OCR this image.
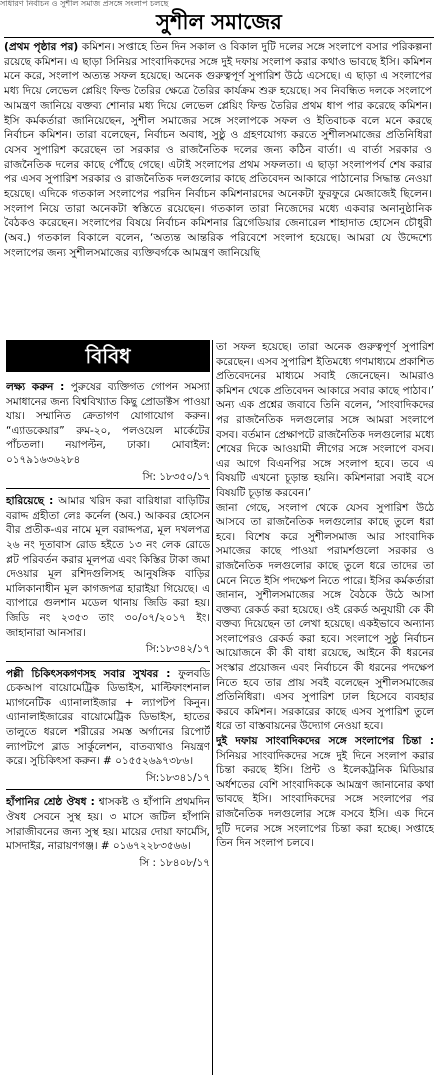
সাধারণ নির্বাচন ও সুশীল সমাজ প্রসঙ্গে সংলাপ চলছে
সুশীল সমাজের
(প্রথম পৃষ্ঠার পর) কমিশন। সপ্তাহে তিন দিন সকাল ও বিকাল দুটি দলের সঙ্গে সংলাপে বসার পরিকল্পনা রয়েছে কমিশন। এ ছাড়া সিনিয়র সাংবাদিকদের সঙ্গে দুই দফায় সংলাপ করার কথাও ভাবছে ইসি। কমিশন মনে করে, সংলাপ অত্যন্ত সফল হয়েছে। অনেক গুরুত্বপূর্ণ সুপারিশ উঠে এসেছে। এ ছাড়া এ সংলাপের মধ্য দিয়ে লেভেল প্লেয়িং ফিল্ড তৈরির ক্ষেত্রে তৈরির কার্যক্রম শুরু হয়েছে। সব নিবন্ধিত দলকে সংলাপে আমন্ত্রণ জানিয়ে বক্তব্য শোনার মধ্য দিয়ে লেভেল প্লেয়িং ফিল্ড তৈরির প্রথম ধাপ পার করেছে কমিশন। ইসি কর্মকর্তারা জানিয়েছেন, সুশীল সমাজের সঙ্গে সংলাপকে সফল ও ইতিবাচক বলে মনে করছে নির্বাচন কমিশন। তারা বলেছেন, নির্বাচন অবাধ, সুষ্ঠু ও গ্রহণযোগ্য করতে সুশীলসমাজের প্রতিনিধিরা যেসব সুপারিশ করেছেন তা সরকার ও রাজনৈতিক দলের জন্য কঠিন বার্তা। এ বার্তা সরকার ও রাজনৈতিক দলের কাছে পৌঁছে গেছে। এটাই সংলাপের প্রথম সফলতা। এ ছাড়া সংলাপপর্ব শেষ করার পর এসব সুপারিশ সরকার ও রাজনৈতিক দলগুলোর কাছে প্রতিবেদন আকারে পাঠানোর সিদ্ধান্ত নেওয়া হয়েছে। এদিকে গতকাল সংলাপের পরদিন নির্বাচন কমিশনারদের অনেকটা ফুরফুরে মেজাজেই ছিলেন। সংলাপ নিয়ে তারা অনেকটা স্বস্তিতে রয়েছেন। গতকাল তারা নিজেদের মধ্যে একবার অনানুষ্ঠানিক বৈঠকও করেছেন। সংলাপের বিষয়ে নির্বাচন কমিশনার ব্রিগেডিয়ার জেনারেল শাহাদাত হোসেন চৌধুরী (অব.) গতকাল বিকালে বলেন, ‘অত্যন্ত আন্তরিক পরিবেশে সংলাপ হয়েছে। আমরা যে উদ্দেশ্যে সংলাপের জন্য সুশীলসমাজের ব্যক্তিবর্গকে আমন্ত্রণ জানিয়েছি
বিবিধ
লক্ষ্য করুন : পুরুষের ব্যক্তিগত গোপন সমস্যা সমাধানের জন্য বিশ্ববিখ্যাত কিছু প্রোডাক্টস পাওয়া যায়। সম্মানিত ক্রেতাগণ যোগাযোগ করুন। “এ্যাডকেয়ার” রুম-২০, পলওয়েল মার্কেটের পাঁচতলা। নয়াপল্টন, ঢাকা। মোবাইল: ০১৭৯১৬৩৬২৮৪
সি: ১৮৩৫০/১৭
হারিয়েছে : আমার খরিদ করা বারিধারা বাড়িটির বরাদ্দ গ্রহীতা লেঃ কর্নেল (অব.) আকবর হোসেন বীর প্রতীক-এর নামে মূল বরাদ্দপত্র, মূল দখলপত্র ২৬ নং দূতাবাস রোড হইতে ১৩ নং লেক রোডে প্লট পরিবর্তন করার মূলপত্র এবং কিস্তির টাকা জমা দেওয়ার মূল রশিদগুলিসহ আনুষঙ্গিক বাড়ির মালিকানাধীন মূল কাগজপত্র হারাইয়া গিয়েছে। এ ব্যাপারে গুলশান মডেল থানায় জিডি করা হয়। জিডি নং ২৩৫৩ তাং ৩০/০৭/২০১৭ ইং। জাহানারা আনসার।
সি:১৮৩৪২/১৭
পল্লী চিকিৎসকগণসহ সবার সুখবর : ফুলবডি চেকআপ বায়োমেট্রিক ডিভাইস, মাল্টিফাংশনাল ম্যাগনেটিক এ্যানালাইজার + ল্যাপটপ কিনুন। এ্যানালাইজারের বায়োমেট্রিক ডিভাইস, হাতের তালুতে ধরলে শরীরের সমস্ত অর্গানের রিপোর্ট ল্যাপটপে ব্লাড সার্কুলেশন, বাতব্যথাও নিয়ন্ত্রণ করে। সুচিকিৎসা করুন। # ০১৫৫২৬৯৭৩৮৬।
সি:১৮৩৪১/১৭
হাঁপানির শ্রেষ্ঠ ঔষধ : শ্বাসকষ্ট ও হাঁপানি প্রথমদিন ঔষধ সেবনে সুস্থ হয়। ৩ মাসে জটিল হাঁপানি সারাজীবনের জন্য সুস্থ হয়। মায়ের দোয়া ফার্মেসি, মাসদাইর, নারায়ণগঞ্জ। # ০১৬৭২২৮৩৫৬৬।
সি : ১৮৪০৮/১৭

তা সফল হয়েছে। তারা অনেক গুরুত্বপূর্ণ সুপারিশ করেছেন। এসব সুপারিশ ইতিমধ্যে গণমাধ্যমে প্রকাশিত প্রতিবেদনের মাধ্যমে সবাই জেনেছেন। আমরাও কমিশন থেকে প্রতিবেদন আকারে সবার কাছে পাঠাব।’ অন্য এক প্রশ্নের জবাবে তিনি বলেন, ‘সাংবাদিকদের পর রাজনৈতিক দলগুলোর সঙ্গে আমরা সংলাপে বসব। বর্তমান প্রেক্ষাপটে রাজনৈতিক দলগুলোর মধ্যে শেষের দিকে আওয়ামী লীগের সঙ্গে সংলাপে বসব। এর আগে বিএনপির সঙ্গে সংলাপ হবে। তবে এ বিষয়টি এখনো চূড়ান্ত হয়নি। কমিশনারা সবাই বসে বিষয়টি চূড়ান্ত করবেন।’

জানা গেছে, সংলাপ থেকে যেসব সুপারিশ উঠে আসবে তা রাজনৈতিক দলগুলোর কাছে তুলে ধরা হবে। বিশেষ করে সুশীলসমাজ আর সাংবাদিক সমাজের কাছে পাওয়া পরামর্শগুলো সরকার ও রাজনৈতিক দলগুলোর কাছে তুলে ধরে তাদের তা মেনে নিতে ইসি পদক্ষেপ নিতে পারে। ইসির কর্মকর্তারা জানান, সুশীলসমাজের সঙ্গে বৈঠকে উঠে আসা বক্তব্য রেকর্ড করা হয়েছে। ওই রেকর্ড অনুযায়ী কে কী বক্তব্য দিয়েছেন তা লেখা হয়েছে। একইভাবে অন্যান্য সংলাপেরও রেকর্ড করা হবে। সংলাপে সুষ্ঠু নির্বাচন আয়োজনে কী কী বাধা রয়েছে, আইনে কী ধরনের সংস্কার প্রয়োজন এবং নির্বাচনে কী ধরনের পদক্ষেপ নিতে হবে তার প্রায় সবই বলেছেন সুশীলসমাজের প্রতিনিধিরা। এসব সুপারিশ ঢাল হিসেবে ব্যবহার করবে কমিশন। সরকারের কাছে এসব সুপারিশ তুলে ধরে তা বাস্তবায়নের উদ্যোগ নেওয়া হবে।

দুই দফায় সাংবাদিকদের সঙ্গে সংলাপের চিন্তা : সিনিয়র সাংবাদিকদের সঙ্গে দুই দিনে সংলাপ করার চিন্তা করছে ইসি। প্রিন্ট ও ইলেকট্রনিক মিডিয়ার অর্ধশতের বেশি সাংবাদিককে আমন্ত্রণ জানানোর কথা ভাবছে ইসি। সাংবাদিকদের সঙ্গে সংলাপের পর রাজনৈতিক দলগুলোর সঙ্গে বসবে ইসি। এক দিনে দুটি দলের সঙ্গে সংলাপের চিন্তা করা হচ্ছে। সপ্তাহে তিন দিন সংলাপ চলবে।
